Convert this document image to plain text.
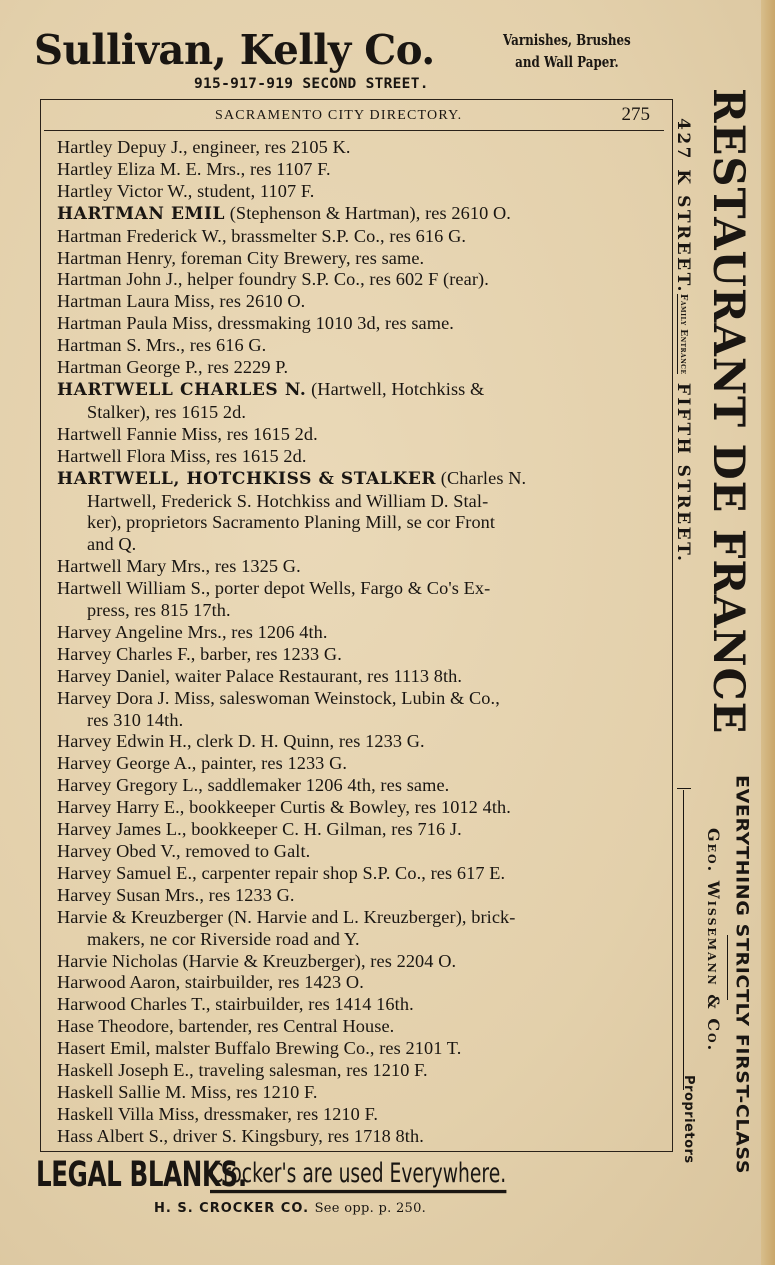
Sullivan, Kelly Co.	Varnishes, Brushes
and Wall Paper.
915-917-919 SECOND STREET.
SACRAMENTO CITY DIRECTORY.	275
Hartley Depuy J., engineer, res 2105 K.
Hartley Eliza M. E. Mrs., res 1107 F.
Hartley Victor W., student, 1107 F.
HARTMAN EMIL (Stephenson & Hartman), res 2610 O.
Hartman Frederick W., brassmelter S.P. Co., res 616 G.
Hartman Henry, foreman City Brewery, res same.
Hartman John J., helper foundry S.P. Co., res 602 F (rear).
Hartman Laura Miss, res 2610 O.
Hartman Paula Miss, dressmaking 1010 3d, res same.
Hartman S. Mrs., res 616 G.
Hartman George P., res 2229 P.
HARTWELL CHARLES N. (Hartwell, Hotchkiss &
Stalker), res 1615 2d.
Hartwell Fannie Miss, res 1615 2d.
Hartwell Flora Miss, res 1615 2d.
HARTWELL, HOTCHKISS & STALKER (Charles N.
Hartwell, Frederick S. Hotchkiss and William D. Stal-
ker), proprietors Sacramento Planing Mill, se cor Front
and Q.
Hartwell Mary Mrs., res 1325 G.
Hartwell William S., porter depot Wells, Fargo & Co's Ex-
press, res 815 17th.
Harvey Angeline Mrs., res 1206 4th.
Harvey Charles F., barber, res 1233 G.
Harvey Daniel, waiter Palace Restaurant, res 1113 8th.
Harvey Dora J. Miss, saleswoman Weinstock, Lubin & Co.,
res 310 14th.
Harvey Edwin H., clerk D. H. Quinn, res 1233 G.
Harvey George A., painter, res 1233 G.
Harvey Gregory L., saddlemaker 1206 4th, res same.
Harvey Harry E., bookkeeper Curtis & Bowley, res 1012 4th.
Harvey James L., bookkeeper C. H. Gilman, res 716 J.
Harvey Obed V., removed to Galt.
Harvey Samuel E., carpenter repair shop S.P. Co., res 617 E.
Harvey Susan Mrs., res 1233 G.
Harvie & Kreuzberger (N. Harvie and L. Kreuzberger), brick-
makers, ne cor Riverside road and Y.
Harvie Nicholas (Harvie & Kreuzberger), res 2204 O.
Harwood Aaron, stairbuilder, res 1423 O.
Harwood Charles T., stairbuilder, res 1414 16th.
Hase Theodore, bartender, res Central House.
Hasert Emil, malster Buffalo Brewing Co., res 2101 T.
Haskell Joseph E., traveling salesman, res 1210 F.
Haskell Sallie M. Miss, res 1210 F.
Haskell Villa Miss, dressmaker, res 1210 F.
Hass Albert S., driver S. Kingsbury, res 1718 8th.
LEGAL BLANKS.
Crocker's are used Everywhere.
H. S. CROCKER CO. See opp. p. 250.
RESTAURANT DE FRANCE
427 K STREET.Family Entrance FIFTH STREET.
Proprietors EVERYTHING STRICTLY FIRST-CLASS
Geo. Wissemann & Co.
